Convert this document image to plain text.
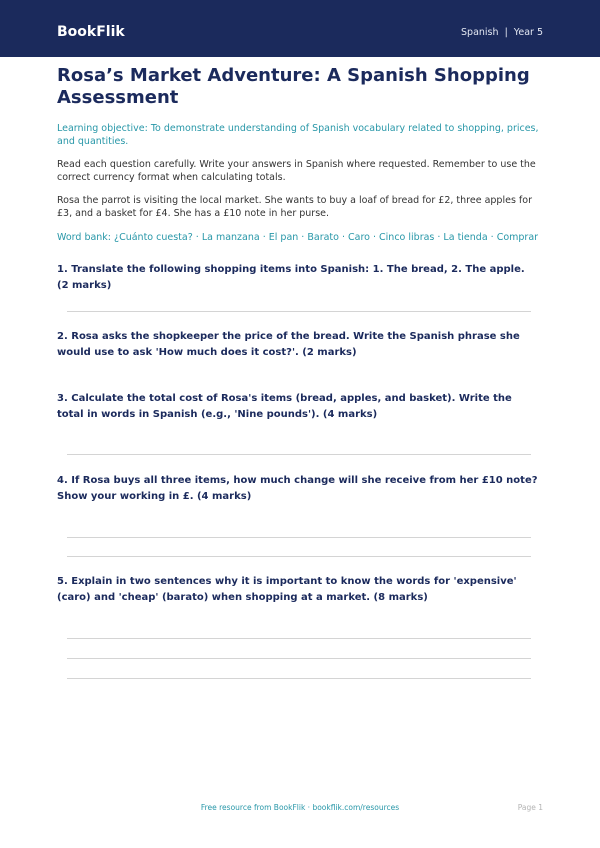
BookFlik	Spanish  |  Year 5
Rosa’s Market Adventure: A Spanish Shopping Assessment

Learning objective: To demonstrate understanding of Spanish vocabulary related to shopping, prices, and quantities.

Read each question carefully. Write your answers in Spanish where requested. Remember to use the correct currency format when calculating totals.

Rosa the parrot is visiting the local market. She wants to buy a loaf of bread for £2, three apples for £3, and a basket for £4. She has a £10 note in her purse.

Word bank: ¿Cuánto cuesta? · La manzana · El pan · Barato · Caro · Cinco libras · La tienda · Comprar

1. Translate the following shopping items into Spanish: 1. The bread, 2. The apple. (2 marks)

2. Rosa asks the shopkeeper the price of the bread. Write the Spanish phrase she would use to ask 'How much does it cost?'. (2 marks)

3. Calculate the total cost of Rosa's items (bread, apples, and basket). Write the total in words in Spanish (e.g., 'Nine pounds'). (4 marks)

4. If Rosa buys all three items, how much change will she receive from her £10 note? Show your working in £. (4 marks)

5. Explain in two sentences why it is important to know the words for 'expensive' (caro) and 'cheap' (barato) when shopping at a market. (8 marks)

Free resource from BookFlik · bookflik.com/resources	Page 1
